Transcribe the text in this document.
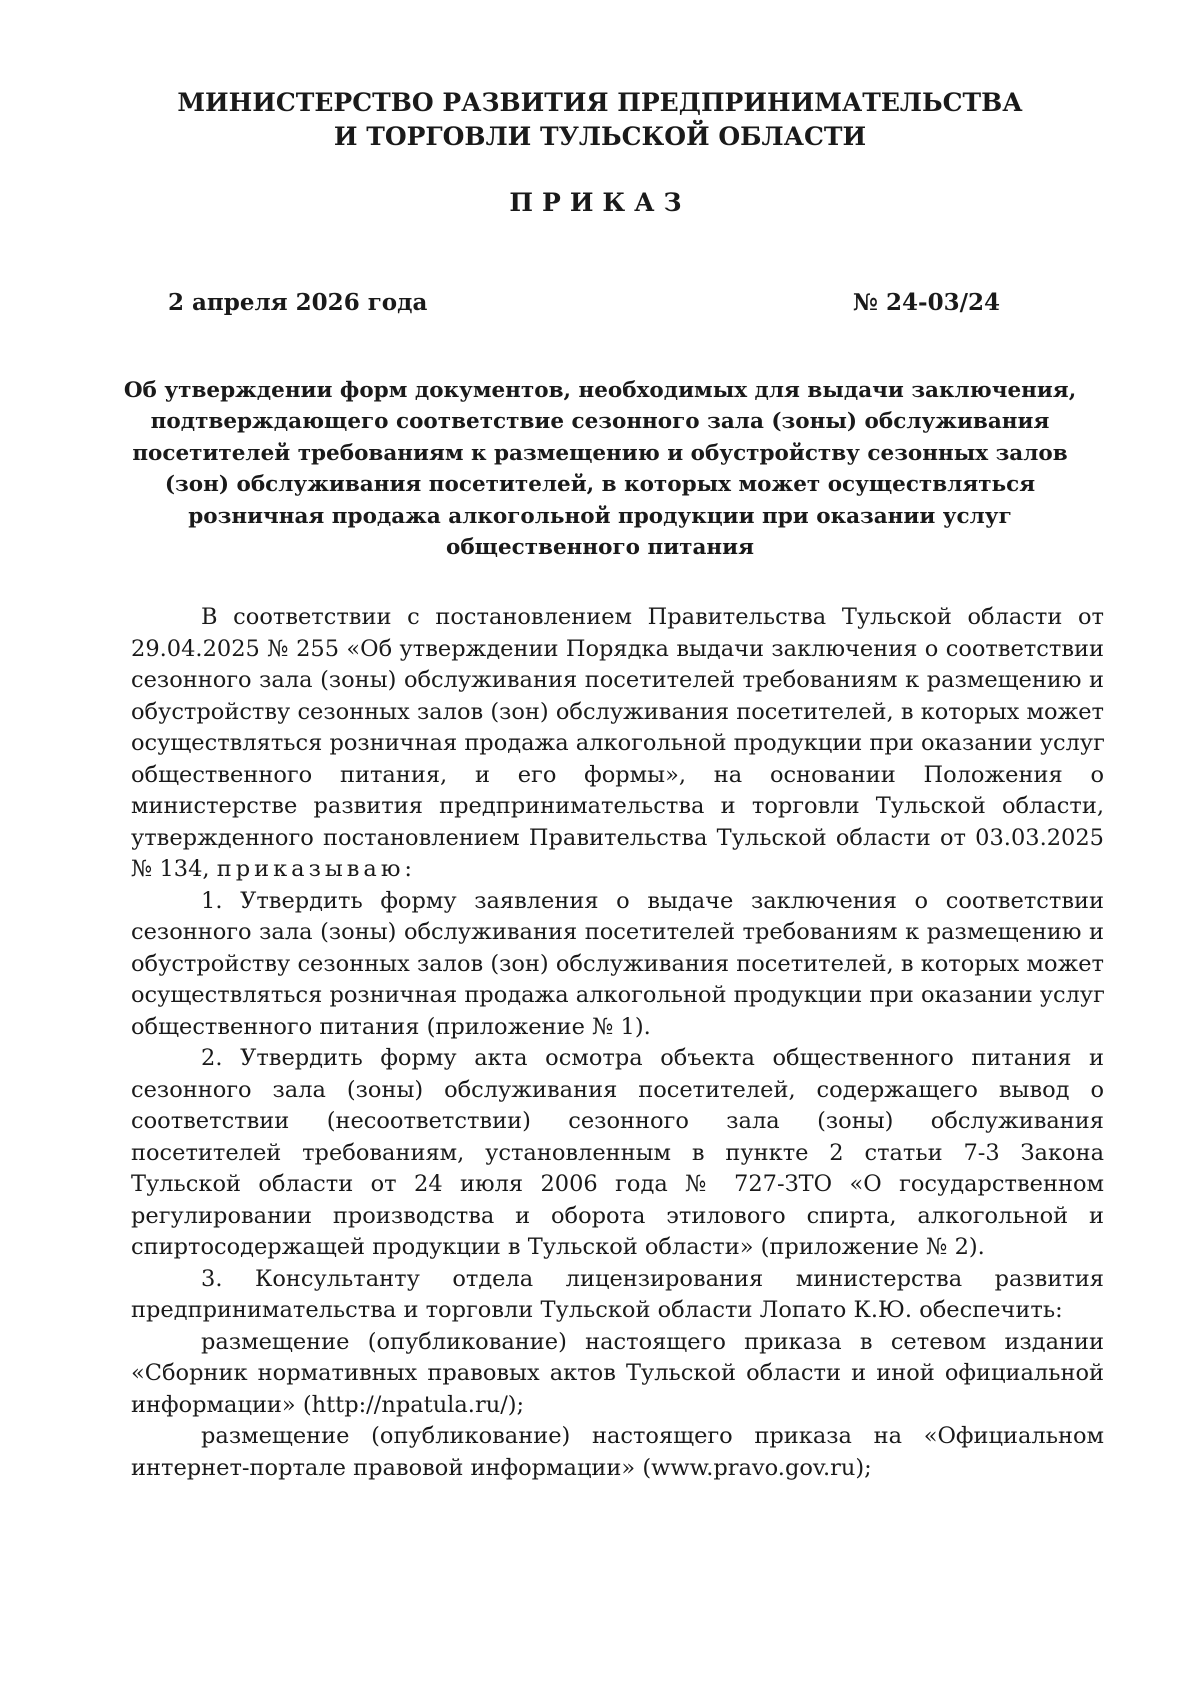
МИНИСТЕРСТВО РАЗВИТИЯ ПРЕДПРИНИМАТЕЛЬСТВА
И ТОРГОВЛИ ТУЛЬСКОЙ ОБЛАСТИ
ПРИКАЗ
2 апреля 2026 года	№ 24-03/24
Об утверждении форм документов, необходимых для выдачи заключения,
подтверждающего соответствие сезонного зала (зоны) обслуживания
посетителей требованиям к размещению и обустройству сезонных залов
(зон) обслуживания посетителей, в которых может осуществляться
розничная продажа алкогольной продукции при оказании услуг
общественного питания
В соответствии с постановлением Правительства Тульской области от
29.04.2025 № 255 «Об утверждении Порядка выдачи заключения о соответствии
сезонного зала (зоны) обслуживания посетителей требованиям к размещению и
обустройству сезонных залов (зон) обслуживания посетителей, в которых может
осуществляться розничная продажа алкогольной продукции при оказании услуг
общественного питания, и его формы», на основании Положения о
министерстве развития предпринимательства и торговли Тульской области,
утвержденного постановлением Правительства Тульской области от 03.03.2025
№ 134, приказываю:
1. Утвердить форму заявления о выдаче заключения о соответствии
сезонного зала (зоны) обслуживания посетителей требованиям к размещению и
обустройству сезонных залов (зон) обслуживания посетителей, в которых может
осуществляться розничная продажа алкогольной продукции при оказании услуг
общественного питания (приложение № 1).
2. Утвердить форму акта осмотра объекта общественного питания и
сезонного зала (зоны) обслуживания посетителей, содержащего вывод о
соответствии (несоответствии) сезонного зала (зоны) обслуживания
посетителей требованиям, установленным в пункте 2 статьи 7-3 Закона
Тульской области от 24 июля 2006 года № 727-ЗТО «О государственном
регулировании производства и оборота этилового спирта, алкогольной и
спиртосодержащей продукции в Тульской области» (приложение № 2).
3. Консультанту отдела лицензирования министерства развития
предпринимательства и торговли Тульской области Лопато К.Ю. обеспечить:
размещение (опубликование) настоящего приказа в сетевом издании
«Сборник нормативных правовых актов Тульской области и иной официальной
информации» (http://npatula.ru/);
размещение (опубликование) настоящего приказа на «Официальном
интернет-портале правовой информации» (www.pravo.gov.ru);
